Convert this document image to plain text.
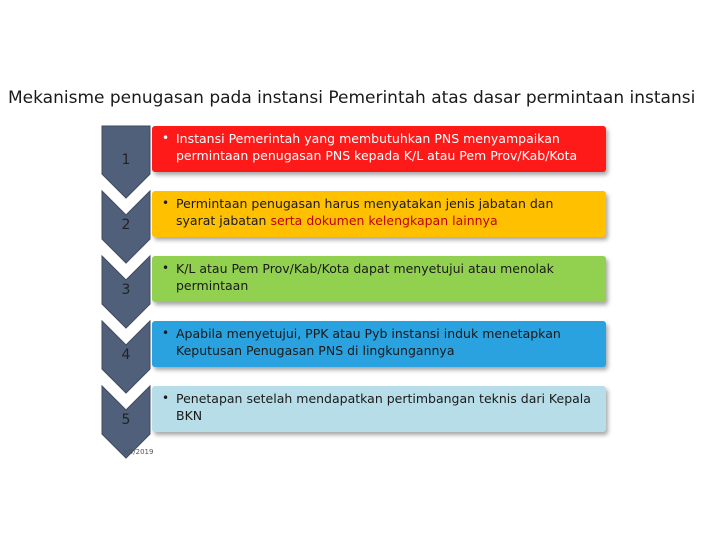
Mekanisme penugasan pada instansi Pemerintah atas dasar permintaan instansi
1
• Instansi Pemerintah yang membutuhkan PNS menyampaikan permintaan penugasan PNS kepada K/L atau Pem Prov/Kab/Kota
2
• Permintaan penugasan harus menyatakan jenis jabatan dan syarat jabatan serta dokumen kelengkapan lainnya
3
• K/L atau Pem Prov/Kab/Kota dapat menyetujui atau menolak permintaan
4
• Apabila menyetujui, PPK atau Pyb instansi induk menetapkan Keputusan Penugasan PNS di lingkungannya
5
• Penetapan setelah mendapatkan pertimbangan teknis dari Kepala BKN
3/5/2019
